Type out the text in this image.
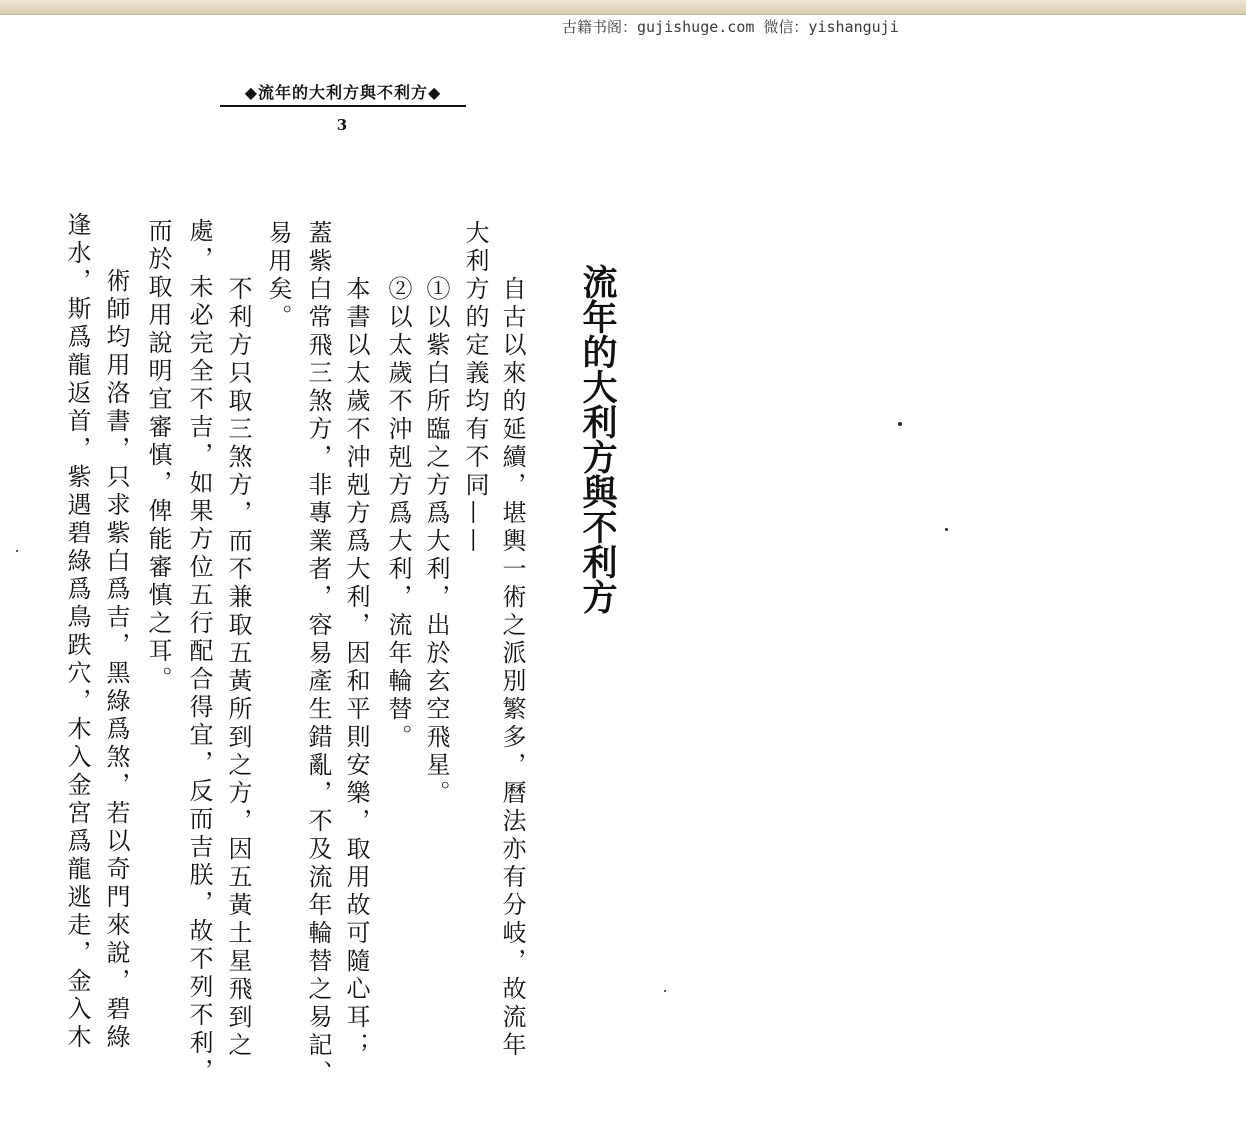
古籍书阁：gujishuge.com 微信：yishanguji
◆流年的大利方與不利方◆
3
流年的大利方與不利方
自古以來的延續，堪輿一術之派別繁多，曆法亦有分岐，故流年
大利方的定義均有不同——
①以紫白所臨之方爲大利，出於玄空飛星。
②以太歲不沖剋方爲大利，流年輪替。
本書以太歲不沖剋方爲大利，因和平則安樂，取用故可隨心耳；
蓋紫白常飛三煞方，非專業者，容易產生錯亂，不及流年輪替之易記、
易用矣。
不利方只取三煞方，而不兼取五黃所到之方，因五黃土星飛到之
處，未必完全不吉，如果方位五行配合得宜，反而吉朕，故不列不利，
而於取用說明宜審慎，俾能審慎之耳。
術師均用洛書，只求紫白爲吉，黑綠爲煞，若以奇門來說，碧綠
逢水，斯爲龍返首，紫遇碧綠爲鳥跌穴，木入金宮爲龍逃走，金入木
